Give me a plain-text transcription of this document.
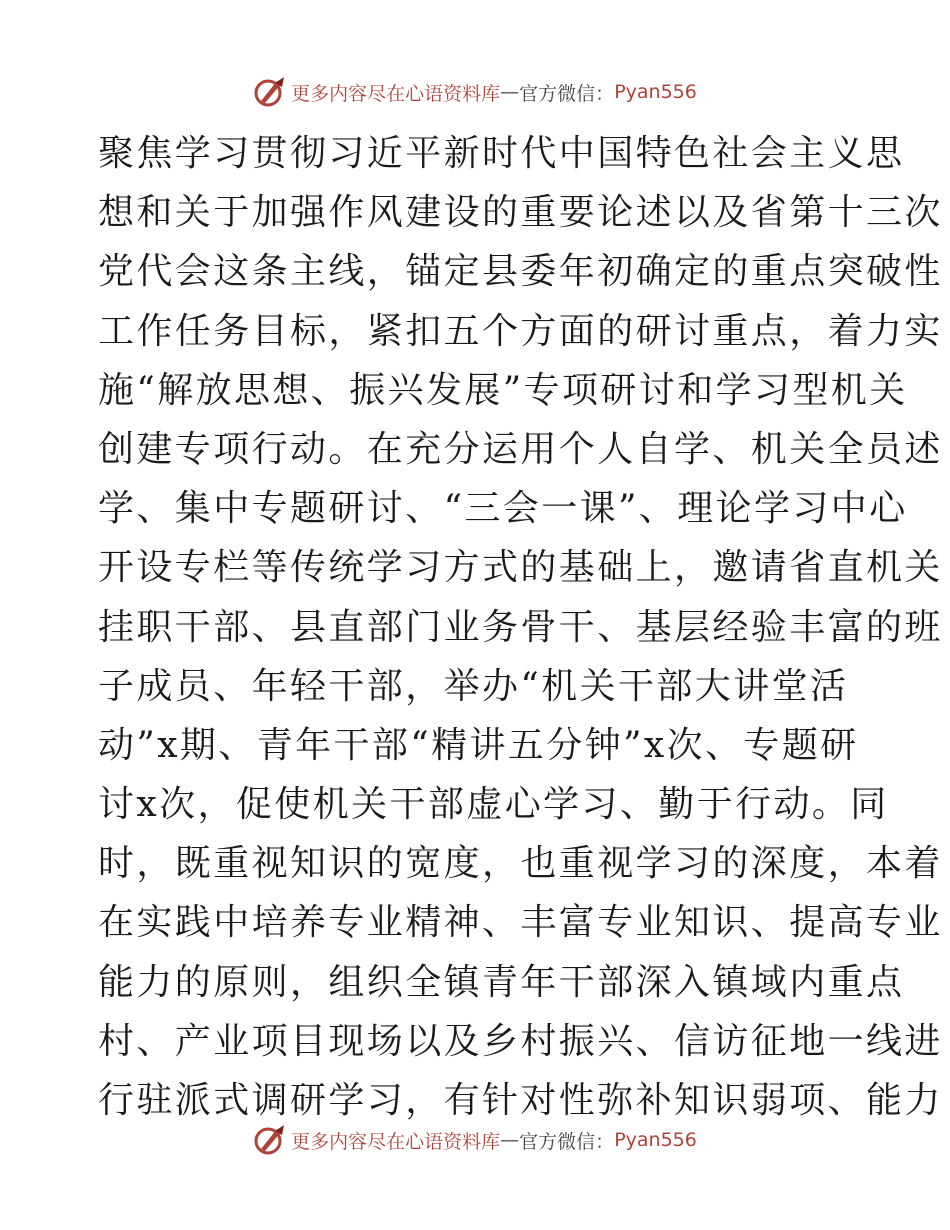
更多内容尽在心语资料库 — 官方微信： Pyan556
聚焦学习贯彻习近平新时代中国特色社会主义思
想和关于加强作风建设的重要论述以及省第十三次
党代会这条主线，锚定县委年初确定的重点突破性
工作任务目标，紧扣五个方面的研讨重点，着力实
施“解放思想、振兴发展”专项研讨和学习型机关
创建专项行动。在充分运用个人自学、机关全员述
学、集中专题研讨、“三会一课”、理论学习中心
开设专栏等传统学习方式的基础上，邀请省直机关
挂职干部、县直部门业务骨干、基层经验丰富的班
子成员、年轻干部，举办“机关干部大讲堂活
动”x期、青年干部“精讲五分钟”x次、专题研
讨x次，促使机关干部虚心学习、勤于行动。同
时，既重视知识的宽度，也重视学习的深度，本着
在实践中培养专业精神、丰富专业知识、提高专业
能力的原则，组织全镇青年干部深入镇域内重点
村、产业项目现场以及乡村振兴、信访征地一线进
行驻派式调研学习，有针对性弥补知识弱项、能力
更多内容尽在心语资料库 — 官方微信： Pyan556
